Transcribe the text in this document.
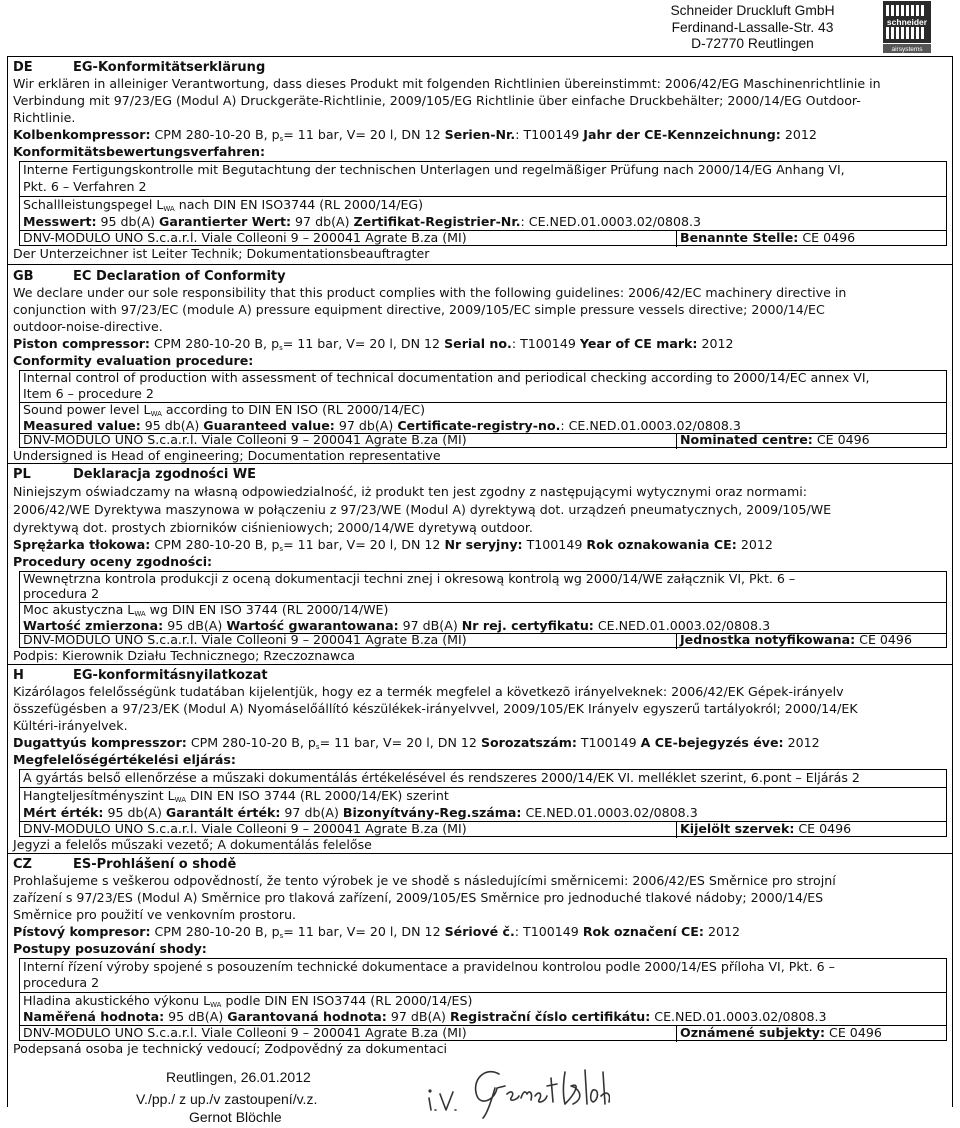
Schneider Druckluft GmbH
Ferdinand-Lassalle-Str. 43
D-72770 Reutlingen
schneider
airsystems
DE	EG-Konformitätserklärung
Wir erklären in alleiniger Verantwortung, dass dieses Produkt mit folgenden Richtlinien übereinstimmt: 2006/42/EG Maschinenrichtlinie in
Verbindung mit 97/23/EG (Modul A) Druckgeräte-Richtlinie, 2009/105/EG Richtlinie über einfache Druckbehälter; 2000/14/EG Outdoor-
Richtlinie.
Kolbenkompressor: CPM 280-10-20 B, $p_s= 11$ bar, V= 20 l, DN 12 Serien-Nr.: T100149 Jahr der CE-Kennzeichnung: 2012
Konformitätsbewertungsverfahren:
Interne Fertigungskontrolle mit Begutachtung der technischen Unterlagen und regelmäßiger Prüfung nach 2000/14/EG Anhang VI,
Pkt. 6 – Verfahren 2
Schallleistungspegel $L_{WA}$ nach DIN EN ISO3744 (RL 2000/14/EG)
Messwert: 95 db(A) Garantierter Wert: 97 db(A) Zertifikat-Registrier-Nr.: CE.NED.01.0003.02/0808.3
DNV-MODULO UNO S.c.a.r.l. Viale Colleoni 9 – 200041 Agrate B.za (MI)	Benannte Stelle: CE 0496
Der Unterzeichner ist Leiter Technik; Dokumentationsbeauftragter
GB	EC Declaration of Conformity
We declare under our sole responsibility that this product complies with the following guidelines: 2006/42/EC machinery directive in
conjunction with 97/23/EC (module A) pressure equipment directive, 2009/105/EC simple pressure vessels directive; 2000/14/EC
outdoor-noise-directive.
Piston compressor: CPM 280-10-20 B, $p_s= 11$ bar, V= 20 l, DN 12 Serial no.: T100149 Year of CE mark: 2012
Conformity evaluation procedure:
Internal control of production with assessment of technical documentation and periodical checking according to 2000/14/EC annex VI,
Item 6 – procedure 2
Sound power level $L_{WA}$ according to DIN EN ISO (RL 2000/14/EC)
Measured value: 95 db(A) Guaranteed value: 97 db(A) Certificate-registry-no.: CE.NED.01.0003.02/0808.3
DNV-MODULO UNO S.c.a.r.l. Viale Colleoni 9 – 200041 Agrate B.za (MI)	Nominated centre: CE 0496
Undersigned is Head of engineering; Documentation representative
PL	Deklaracja zgodności WE
Niniejszym oświadczamy na własną odpowiedzialność, iż produkt ten jest zgodny z następującymi wytycznymi oraz normami:
2006/42/WE Dyrektywa maszynowa w połączeniu z 97/23/WE (Modul A) dyrektywą dot. urządzeń pneumatycznych, 2009/105/WE
dyrektywą dot. prostych zbiorników ciśnieniowych; 2000/14/WE dyretywą outdoor.
Sprężarka tłokowa: CPM 280-10-20 B, $p_s= 11$ bar, V= 20 l, DN 12 Nr seryjny: T100149 Rok oznakowania CE: 2012
Procedury oceny zgodności:
Wewnętrzna kontrola produkcji z oceną dokumentacji techni znej i okresową kontrolą wg 2000/14/WE załącznik VI, Pkt. 6 –
procedura 2
Moc akustyczna $L_{WA}$ wg DIN EN ISO 3744 (RL 2000/14/WE)
Wartość zmierzona: 95 dB(A) Wartość gwarantowana: 97 dB(A) Nr rej. certyfikatu: CE.NED.01.0003.02/0808.3
DNV-MODULO UNO S.c.a.r.l. Viale Colleoni 9 – 200041 Agrate B.za (MI)	Jednostka notyfikowana: CE 0496
Podpis: Kierownik Działu Technicznego; Rzeczoznawca
H	EG-konformitásnyilatkozat
Kizárólagos felelősségünk tudatában kijelentjük, hogy ez a termék megfelel a következõ irányelveknek: 2006/42/EK Gépek-irányelv
összefügésben a 97/23/EK (Modul A) Nyomáselőállító készülékek-irányelvvel, 2009/105/EK Irányelv egyszerű tartályokról; 2000/14/EK
Kültéri-irányelvek.
Dugattyús kompresszor: CPM 280-10-20 B, $p_s= 11$ bar, V= 20 l, DN 12 Sorozatszám: T100149 A CE-bejegyzés éve: 2012
Megfelelőségértékelési eljárás:
A gyártás belső ellenőrzése a műszaki dokumentálás értékelésével és rendszeres 2000/14/EK VI. melléklet szerint, 6.pont – Eljárás 2
Hangteljesítményszint $L_{WA}$ DIN EN ISO 3744 (RL 2000/14/EK) szerint
Mért érték: 95 db(A) Garantált érték: 97 db(A) Bizonyítvány-Reg.száma: CE.NED.01.0003.02/0808.3
DNV-MODULO UNO S.c.a.r.l. Viale Colleoni 9 – 200041 Agrate B.za (MI)	Kijelölt szervek: CE 0496
Jegyzi a felelős műszaki vezető; A dokumentálás felelőse
CZ	ES-Prohlášení o shodě
Prohlašujeme s veškerou odpovědností, že tento výrobek je ve shodě s následujícími směrnicemi: 2006/42/ES Směrnice pro strojní
zařízení s 97/23/ES (Modul A) Směrnice pro tlaková zařízení, 2009/105/ES Směrnice pro jednoduché tlakové nádoby; 2000/14/ES
Směrnice pro použití ve venkovním prostoru.
Pístový kompresor: CPM 280-10-20 B, $p_s= 11$ bar, V= 20 l, DN 12 Sériové č.: T100149 Rok označení CE: 2012
Postupy posuzování shody:
Interní řízení výroby spojené s posouzením technické dokumentace a pravidelnou kontrolou podle 2000/14/ES příloha VI, Pkt. 6 –
procedura 2
Hladina akustického výkonu $L_{WA}$ podle DIN EN ISO3744 (RL 2000/14/ES)
Naměřená hodnota: 95 dB(A) Garantovaná hodnota: 97 dB(A) Registrační číslo certifikátu: CE.NED.01.0003.02/0808.3
DNV-MODULO UNO S.c.a.r.l. Viale Colleoni 9 – 200041 Agrate B.za (MI)	Oznámené subjekty: CE 0496
Podepsaná osoba je technický vedoucí; Zodpovědný za dokumentaci
Reutlingen, 26.01.2012
V./pp./ z up./v zastoupení/v.z.
Gernot Blöchle
